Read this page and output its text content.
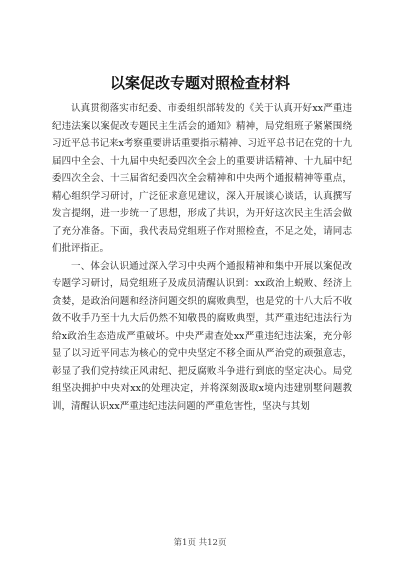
以案促改专题对照检查材料

认真贯彻落实市纪委、市委组织部转发的《关于认真开好xx严重违纪违法案以案促改专题民主生活会的通知》精神，局党组班子紧紧围绕习近平总书记来x考察重要讲话重要指示精神、习近平总书记在党的十九届四中全会、十九届中央纪委四次全会上的重要讲话精神、十九届中纪委四次全会、十三届省纪委四次全会精神和中央两个通报精神等重点，精心组织学习研讨，广泛征求意见建议，深入开展谈心谈话，认真撰写发言提纲，进一步统一了思想，形成了共识，为开好这次民主生活会做了充分准备。下面，我代表局党组班子作对照检查，不足之处，请同志们批评指正。

一、体会认识通过深入学习中央两个通报精神和集中开展以案促改专题学习研讨，局党组班子及成员清醒认识到：xx政治上蜕败、经济上贪婪，是政治问题和经济问题交织的腐败典型，也是党的十八大后不收敛不收手乃至十九大后仍然不知敬畏的腐败典型，其严重违纪违法行为给x政治生态造成严重破坏。中央严肃查处xx严重违纪违法案，充分彰显了以习近平同志为核心的党中央坚定不移全面从严治党的顽强意志，彰显了我们党持续正风肃纪、把反腐败斗争进行到底的坚定决心。局党组坚决拥护中央对xx的处理决定，并将深刻汲取x境内违建别墅问题教训，清醒认识xx严重违纪违法问题的严重危害性，坚决与其划

第1页 共12页
